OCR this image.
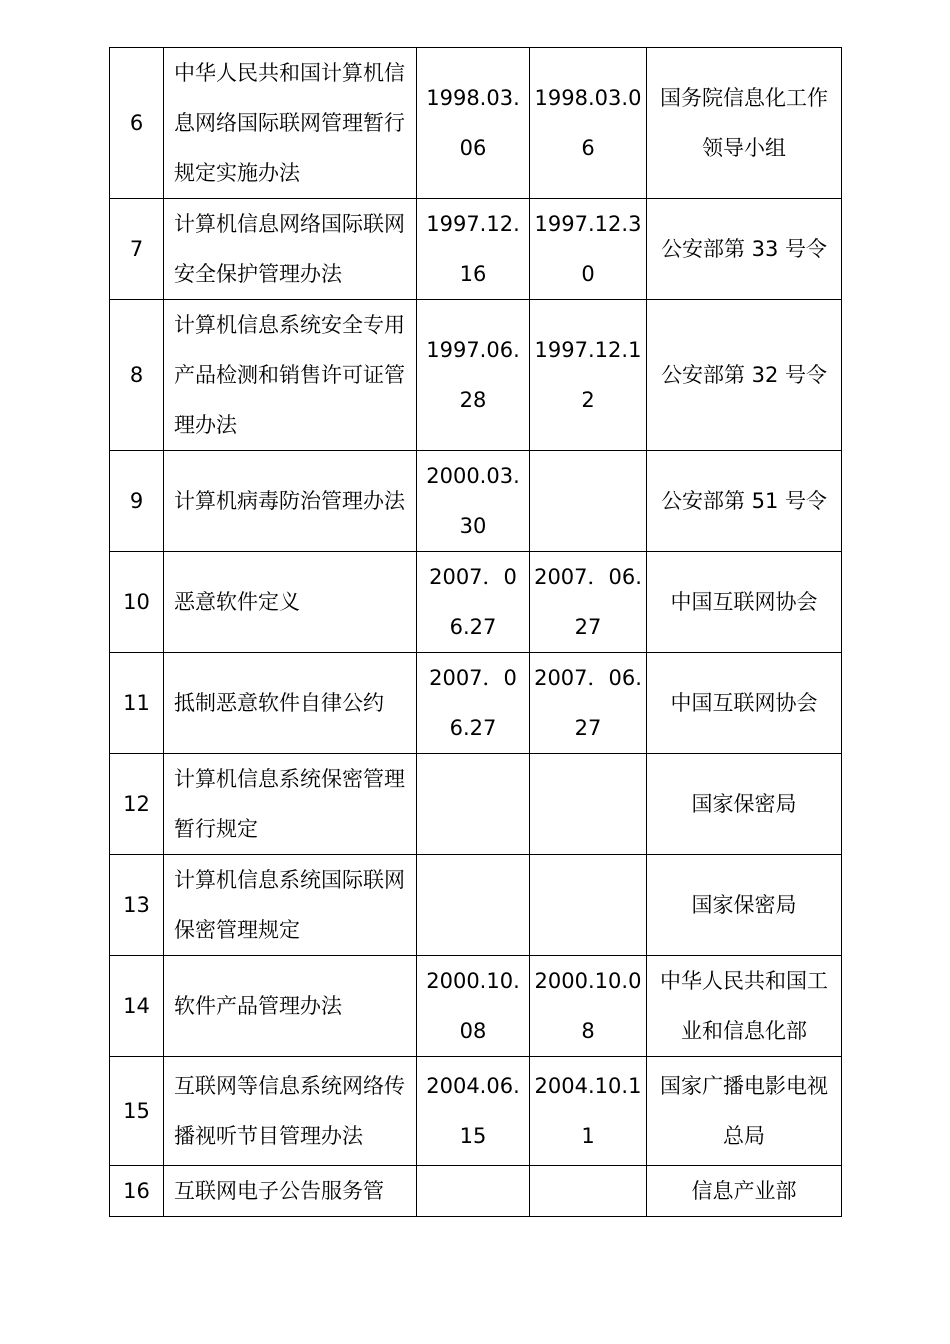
6	中华人民共和国计算机信息网络国际联网管理暂行规定实施办法	1998.03.06	1998.03.06	国务院信息化工作领导小组
7	计算机信息网络国际联网安全保护管理办法	1997.12.16	1997.12.30	公安部第 33 号令
8	计算机信息系统安全专用产品检测和销售许可证管理办法	1997.06.28	1997.12.12	公安部第 32 号令
9	计算机病毒防治管理办法	2000.03.30		公安部第 51 号令
10	恶意软件定义	2007．06.27	2007．06.27	中国互联网协会
11	抵制恶意软件自律公约	2007．06.27	2007．06.27	中国互联网协会
12	计算机信息系统保密管理暂行规定			国家保密局
13	计算机信息系统国际联网保密管理规定			国家保密局
14	软件产品管理办法	2000.10.08	2000.10.08	中华人民共和国工业和信息化部
15	互联网等信息系统网络传播视听节目管理办法	2004.06.15	2004.10.11	国家广播电影电视总局
16	互联网电子公告服务管			信息产业部
